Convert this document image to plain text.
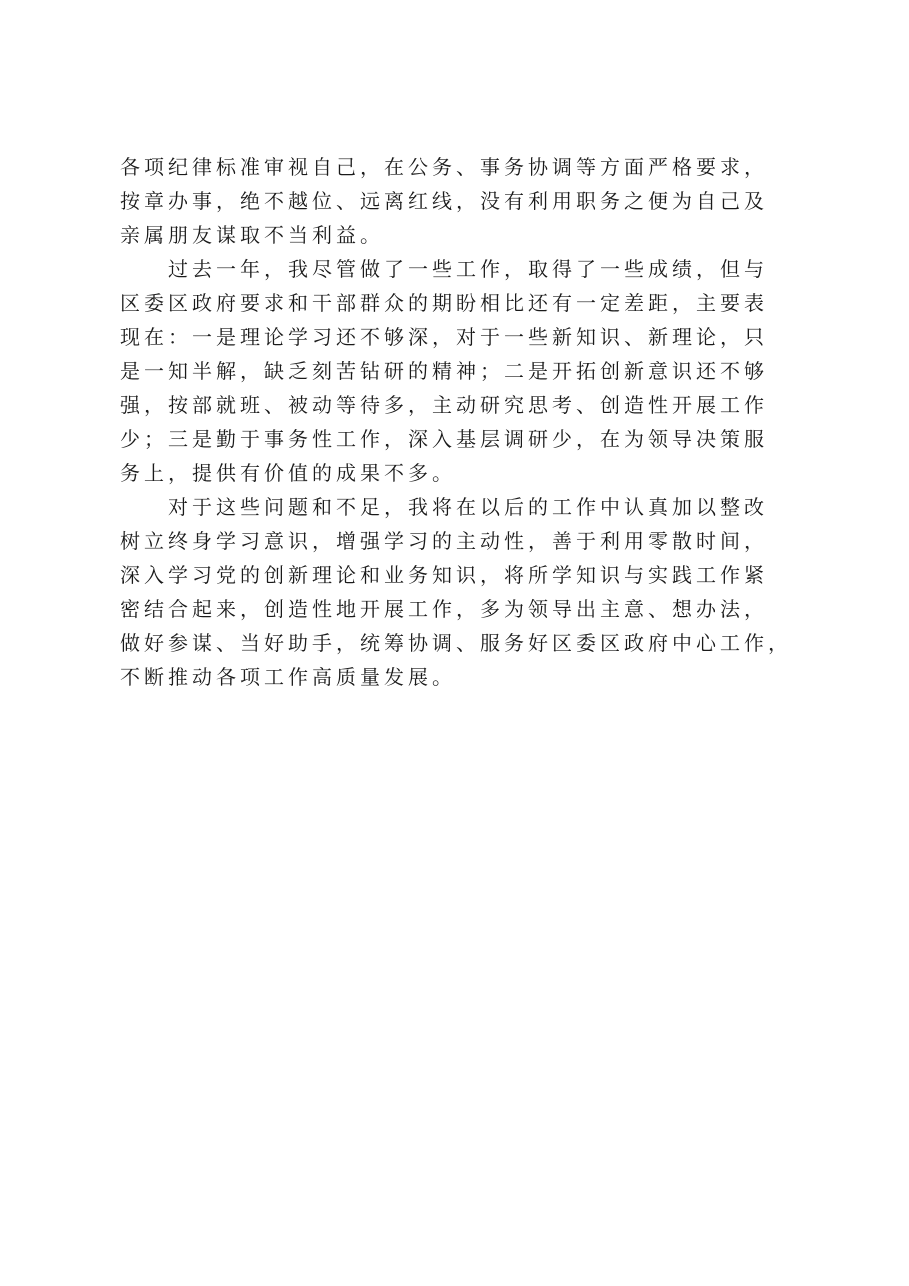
各项纪律标准审视自己，在公务、事务协调等方面严格要求，
按章办事，绝不越位、远离红线，没有利用职务之便为自己及
亲属朋友谋取不当利益。
　　过去一年，我尽管做了一些工作，取得了一些成绩，但与
区委区政府要求和干部群众的期盼相比还有一定差距，主要表
现在：一是理论学习还不够深，对于一些新知识、新理论，只
是一知半解，缺乏刻苦钻研的精神；二是开拓创新意识还不够
强，按部就班、被动等待多，主动研究思考、创造性开展工作
少；三是勤于事务性工作，深入基层调研少，在为领导决策服
务上，提供有价值的成果不多。
　　对于这些问题和不足，我将在以后的工作中认真加以整改
树立终身学习意识，增强学习的主动性，善于利用零散时间，
深入学习党的创新理论和业务知识，将所学知识与实践工作紧
密结合起来，创造性地开展工作，多为领导出主意、想办法，
做好参谋、当好助手，统筹协调、服务好区委区政府中心工作，
不断推动各项工作高质量发展。
